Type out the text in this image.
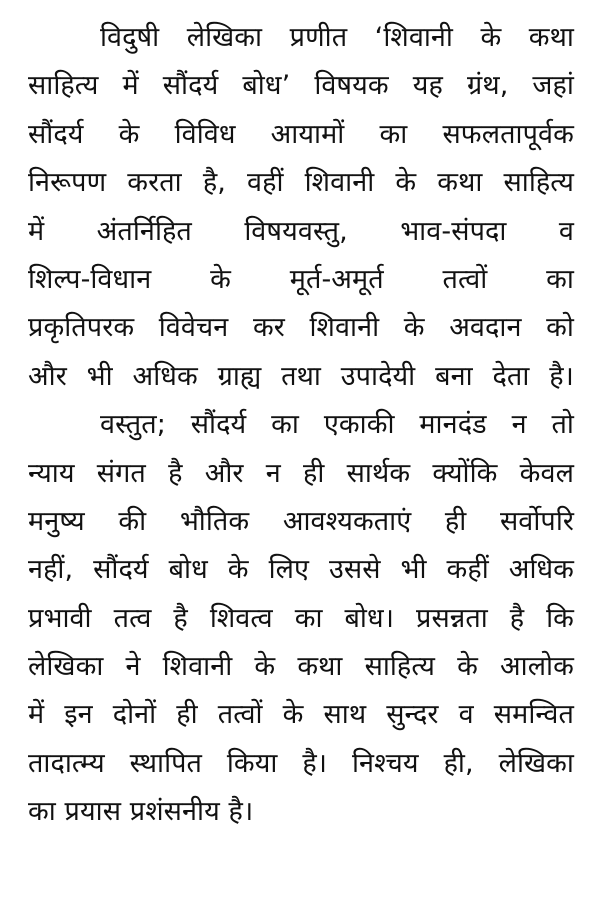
विदुषी लेखिका प्रणीत ‘शिवानी के कथा
साहित्य में सौंदर्य बोध’ विषयक यह ग्रंथ, जहां
सौंदर्य के विविध आयामों का सफलतापूर्वक
निरूपण करता है, वहीं शिवानी के कथा साहित्य
में अंतर्निहित विषयवस्तु, भाव-संपदा व
शिल्प-विधान के मूर्त-अमूर्त तत्वों का
प्रकृतिपरक विवेचन कर शिवानी के अवदान को
और भी अधिक ग्राह्य तथा उपादेयी बना देता है।
वस्तुत; सौंदर्य का एकाकी मानदंड न तो
न्याय संगत है और न ही सार्थक क्योंकि केवल
मनुष्य की भौतिक आवश्यकताएं ही सर्वोपरि
नहीं, सौंदर्य बोध के लिए उससे भी कहीं अधिक
प्रभावी तत्व है शिवत्व का बोध। प्रसन्नता है कि
लेखिका ने शिवानी के कथा साहित्य के आलोक
में इन दोनों ही तत्वों के साथ सुन्दर व समन्वित
तादात्म्य स्थापित किया है। निश्चय ही, लेखिका
का प्रयास प्रशंसनीय है।
